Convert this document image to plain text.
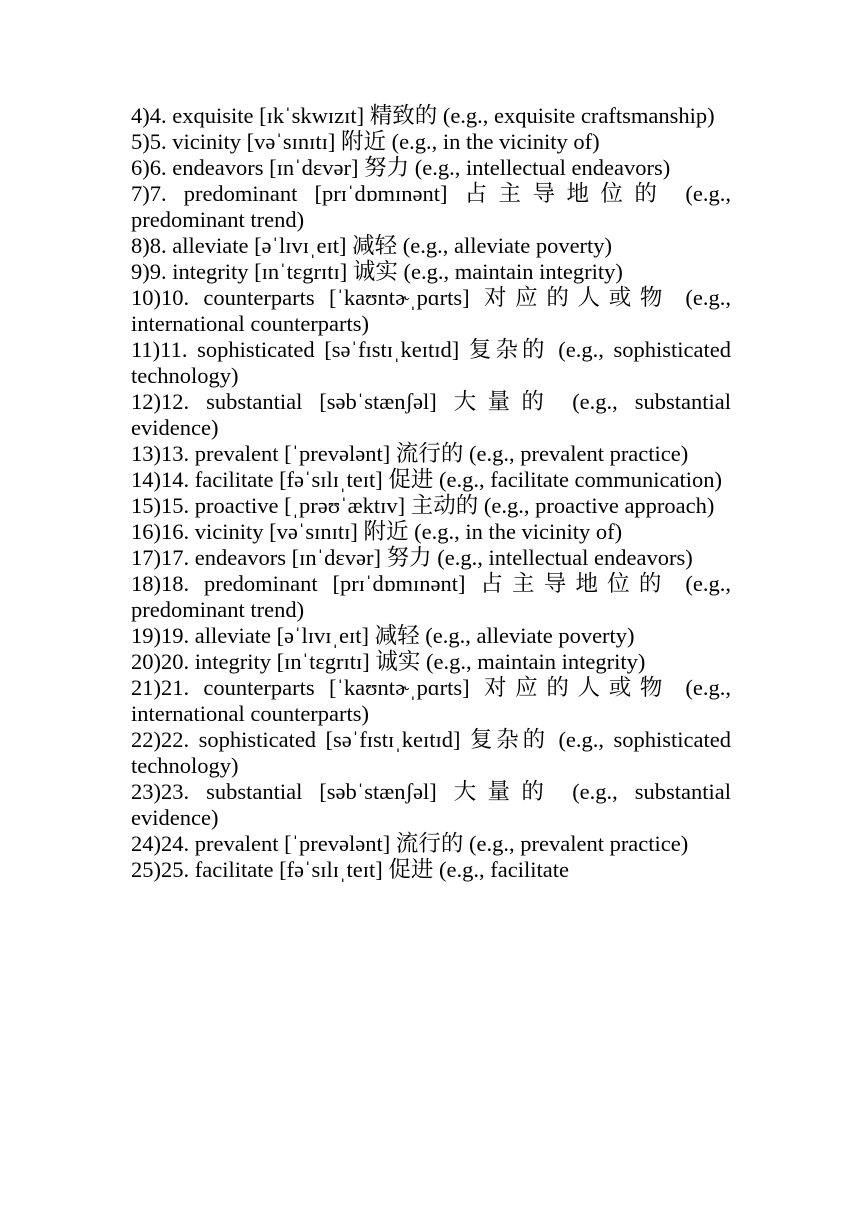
4)4. exquisite [ɪkˈskwɪzɪt] 精致的 (e.g., exquisite craftsmanship)

5)5. vicinity [vəˈsɪnɪtɪ] 附近 (e.g., in the vicinity of)

6)6. endeavors [ɪnˈdɛvər] 努力 (e.g., intellectual endeavors)

7)7. predominant [prɪˈdɒmɪnənt] 占主导地位的 (e.g., predominant trend)

8)8. alleviate [əˈlɪvɪˌeɪt] 减轻 (e.g., alleviate poverty)

9)9. integrity [ɪnˈtɛgrɪtɪ] 诚实 (e.g., maintain integrity)

10)10. counterparts [ˈkaʊntɚˌpɑrts] 对应的人或物 (e.g., international counterparts)

11)11. sophisticated [səˈfɪstɪˌkeɪtɪd] 复杂的 (e.g., sophisticated technology)

12)12. substantial [səbˈstænʃəl] 大量的 (e.g., substantial evidence)

13)13. prevalent [ˈprevələnt] 流行的 (e.g., prevalent practice)

14)14. facilitate [fəˈsɪlɪˌteɪt] 促进 (e.g., facilitate communication)

15)15. proactive [ˌprəʊˈæktɪv] 主动的 (e.g., proactive approach)

16)16. vicinity [vəˈsɪnɪtɪ] 附近 (e.g., in the vicinity of)

17)17. endeavors [ɪnˈdɛvər] 努力 (e.g., intellectual endeavors)

18)18. predominant [prɪˈdɒmɪnənt] 占主导地位的 (e.g., predominant trend)

19)19. alleviate [əˈlɪvɪˌeɪt] 减轻 (e.g., alleviate poverty)

20)20. integrity [ɪnˈtɛgrɪtɪ] 诚实 (e.g., maintain integrity)

21)21. counterparts [ˈkaʊntɚˌpɑrts] 对应的人或物 (e.g., international counterparts)

22)22. sophisticated [səˈfɪstɪˌkeɪtɪd] 复杂的 (e.g., sophisticated technology)

23)23. substantial [səbˈstænʃəl] 大量的 (e.g., substantial evidence)

24)24. prevalent [ˈprevələnt] 流行的 (e.g., prevalent practice)

25)25. facilitate [fəˈsɪlɪˌteɪt] 促进 (e.g., facilitate
